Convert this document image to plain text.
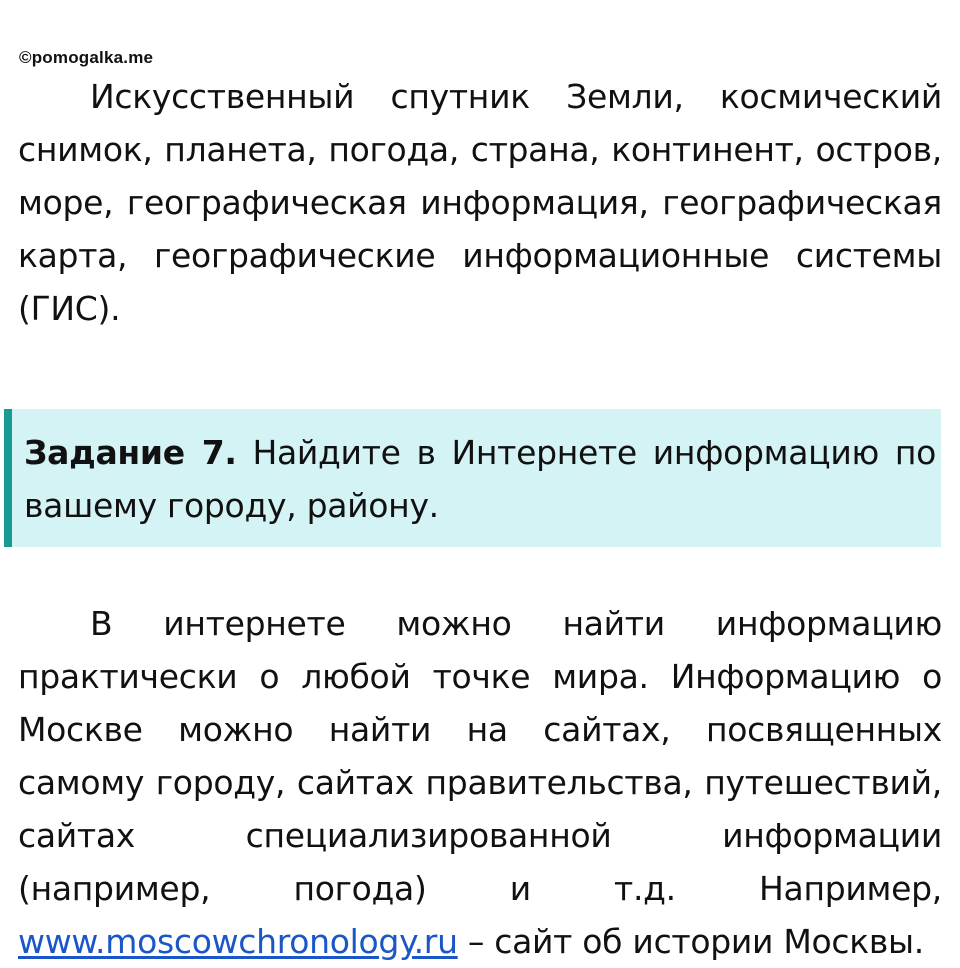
©pomogalka.me

Искусственный спутник Земли, космический снимок, планета, погода, страна, континент, остров, море, географическая информация, географическая карта, географические информационные системы (ГИС).

Задание 7. Найдите в Интернете информацию по вашему городу, району.

В интернете можно найти информацию практически о любой точке мира. Информацию о Москве можно найти на сайтах, посвященных самому городу, сайтах правительства, путешествий, сайтах специализированной информации (например, погода) и т.д. Например, www.moscowchronology.ru – сайт об истории Москвы.
